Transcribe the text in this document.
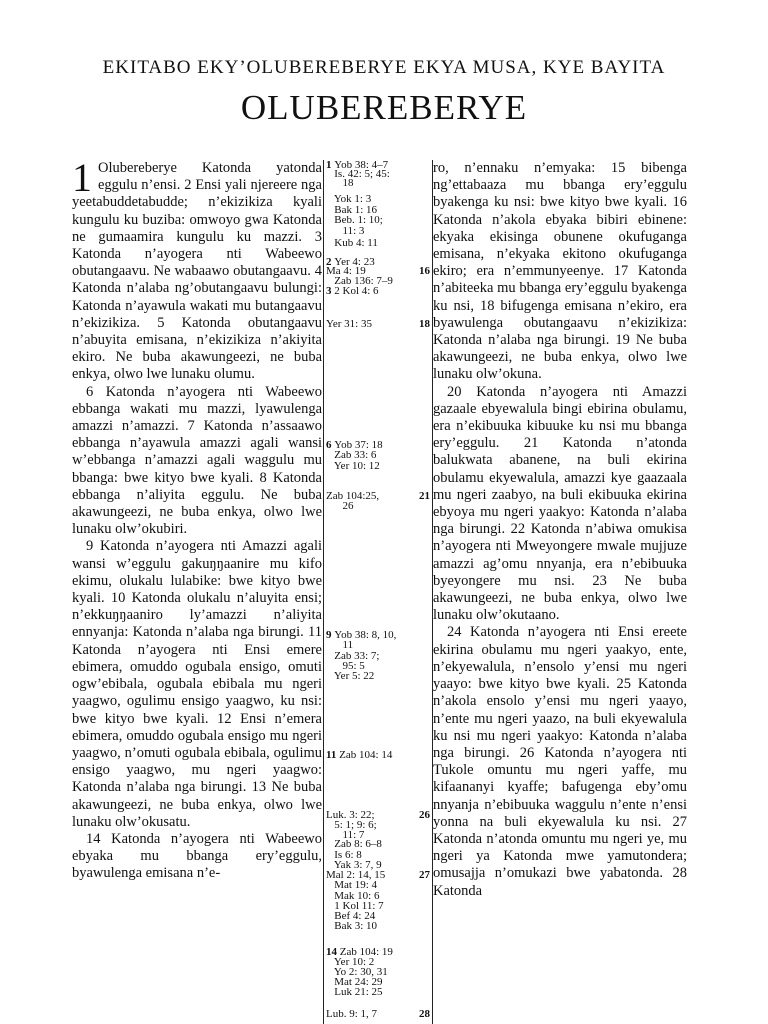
EKITABO EKY’OLUBEREBERYE EKYA MUSA, KYE BAYITA
OLUBEREBERYE

1 Olubereberye Katonda yatonda eggulu n’ensi. 2 Ensi yali njereere nga yeetabuddetabudde; n’ekizikiza kyali kungulu ku buziba: omwoyo gwa Katonda ne gumaamira kungulu ku mazzi. 3 Katonda n’ayogera nti Wabeewo obutangaavu. Ne wabaawo obutangaavu. 4 Katonda n’alaba ng’obutangaavu bulungi: Katonda n’ayawula wakati mu butangaavu n’ekizikiza. 5 Katonda obutangaavu n’abuyita emisana, n’ekizikiza n’akiyita ekiro. Ne buba akawungeezi, ne buba enkya, olwo lwe lunaku olumu.

6 Katonda n’ayogera nti Wabeewo ebbanga wakati mu mazzi, lyawulenga amazzi n’amazzi. 7 Katonda n’assaawo ebbanga n’ayawula amazzi agali wansi w’ebbanga n’amazzi agali waggulu mu bbanga: bwe kityo bwe kyali. 8 Katonda ebbanga n’aliyita eggulu. Ne buba akawungeezi, ne buba enkya, olwo lwe lunaku olw’okubiri.

9 Katonda n’ayogera nti Amazzi agali wansi w’eggulu gakuŋŋaanire mu kifo ekimu, olukalu lulabike: bwe kityo bwe kyali. 10 Katonda olukalu n’aluyita ensi; n’ekkuŋŋaaniro ly’amazzi n’aliyita ennyanja: Katonda n’alaba nga birungi. 11 Katonda n’ayogera nti Ensi emere ebimera, omuddo ogubala ensigo, omuti ogw’ebibala, ogubala ebibala mu ngeri yaagwo, ogulimu ensigo yaagwo, ku nsi: bwe kityo bwe kyali. 12 Ensi n’emera ebimera, omuddo ogubala ensigo mu ngeri yaagwo, n’omuti ogubala ebibala, ogulimu ensigo yaagwo, mu ngeri yaagwo: Katonda n’alaba nga birungi. 13 Ne buba akawungeezi, ne buba enkya, olwo lwe lunaku olw’okusatu.

14 Katonda n’ayogera nti Wabeewo ebyaka mu bbanga ery’eggulu, byawulenga emisana n’e-

1 Yob 38: 4–7
Is. 42: 5; 45:
18
Yok 1: 3
Bak 1: 16
Beb. 1: 10;
11: 3
Kub 4: 11
2 Yer 4: 23
Ma 4: 19	16
Zab 136: 7–9
3 2 Kol 4: 6
Yer 31: 35	18
6 Yob 37: 18
Zab 33: 6
Yer 10: 12
Zab 104:25,	21
26
9 Yob 38: 8, 10,
11
Zab 33: 7;
95: 5
Yer 5: 22
11 Zab 104: 14
Luk. 3: 22;	26
5: 1; 9: 6;
11: 7
Zab 8: 6–8
Is 6: 8
Yak 3: 7, 9
Mal 2: 14, 15	27
Mat 19: 4
Mak 10: 6
1 Kol 11: 7
Bef 4: 24
Bak 3: 10
14 Zab 104: 19
Yer 10: 2
Yo 2: 30, 31
Mat 24: 29
Luk 21: 25
Lub. 9: 1, 7	28

ro, n’ennaku n’emyaka: 15 bibenga ng’ettabaaza mu bbanga ery’eggulu byakenga ku nsi: bwe kityo bwe kyali. 16 Katonda n’akola ebyaka bibiri ebinene: ekyaka ekisinga obunene okufuganga emisana, n’ekyaka ekitono okufuganga ekiro; era n’emmunyeenye. 17 Katonda n’abiteeka mu bbanga ery’eggulu byakenga ku nsi, 18 bifugenga emisana n’ekiro, era byawulenga obutangaavu n’ekizikiza: Katonda n’alaba nga birungi. 19 Ne buba akawungeezi, ne buba enkya, olwo lwe lunaku olw’okuna.

20 Katonda n’ayogera nti Amazzi gazaale ebyewalula bingi ebirina obulamu, era n’ekibuuka kibuuke ku nsi mu bbanga ery’eggulu. 21 Katonda n’atonda balukwata abanene, na buli ekirina obulamu ekyewalula, amazzi kye gaazaala mu ngeri zaabyo, na buli ekibuuka ekirina ebyoya mu ngeri yaakyo: Katonda n’alaba nga birungi. 22 Katonda n’abiwa omukisa n’ayogera nti Mweyongere mwale mujjuze amazzi ag’omu nnyanja, era n’ebibuuka byeyongere mu nsi. 23 Ne buba akawungeezi, ne buba enkya, olwo lwe lunaku olw’okutaano.

24 Katonda n’ayogera nti Ensi ereete ekirina obulamu mu ngeri yaakyo, ente, n’ekyewalula, n’ensolo y’ensi mu ngeri yaayo: bwe kityo bwe kyali. 25 Katonda n’akola ensolo y’ensi mu ngeri yaayo, n’ente mu ngeri yaazo, na buli ekyewalula ku nsi mu ngeri yaakyo: Katonda n’alaba nga birungi. 26 Katonda n’ayogera nti Tukole omuntu mu ngeri yaffe, mu kifaananyi kyaffe; bafugenga eby’omu nnyanja n’ebibuuka waggulu n’ente n’ensi yonna na buli ekyewalula ku nsi. 27 Katonda n’atonda omuntu mu ngeri ye, mu ngeri ya Katonda mwe yamutondera; omusajja n’omukazi bwe yabatonda. 28 Katonda
